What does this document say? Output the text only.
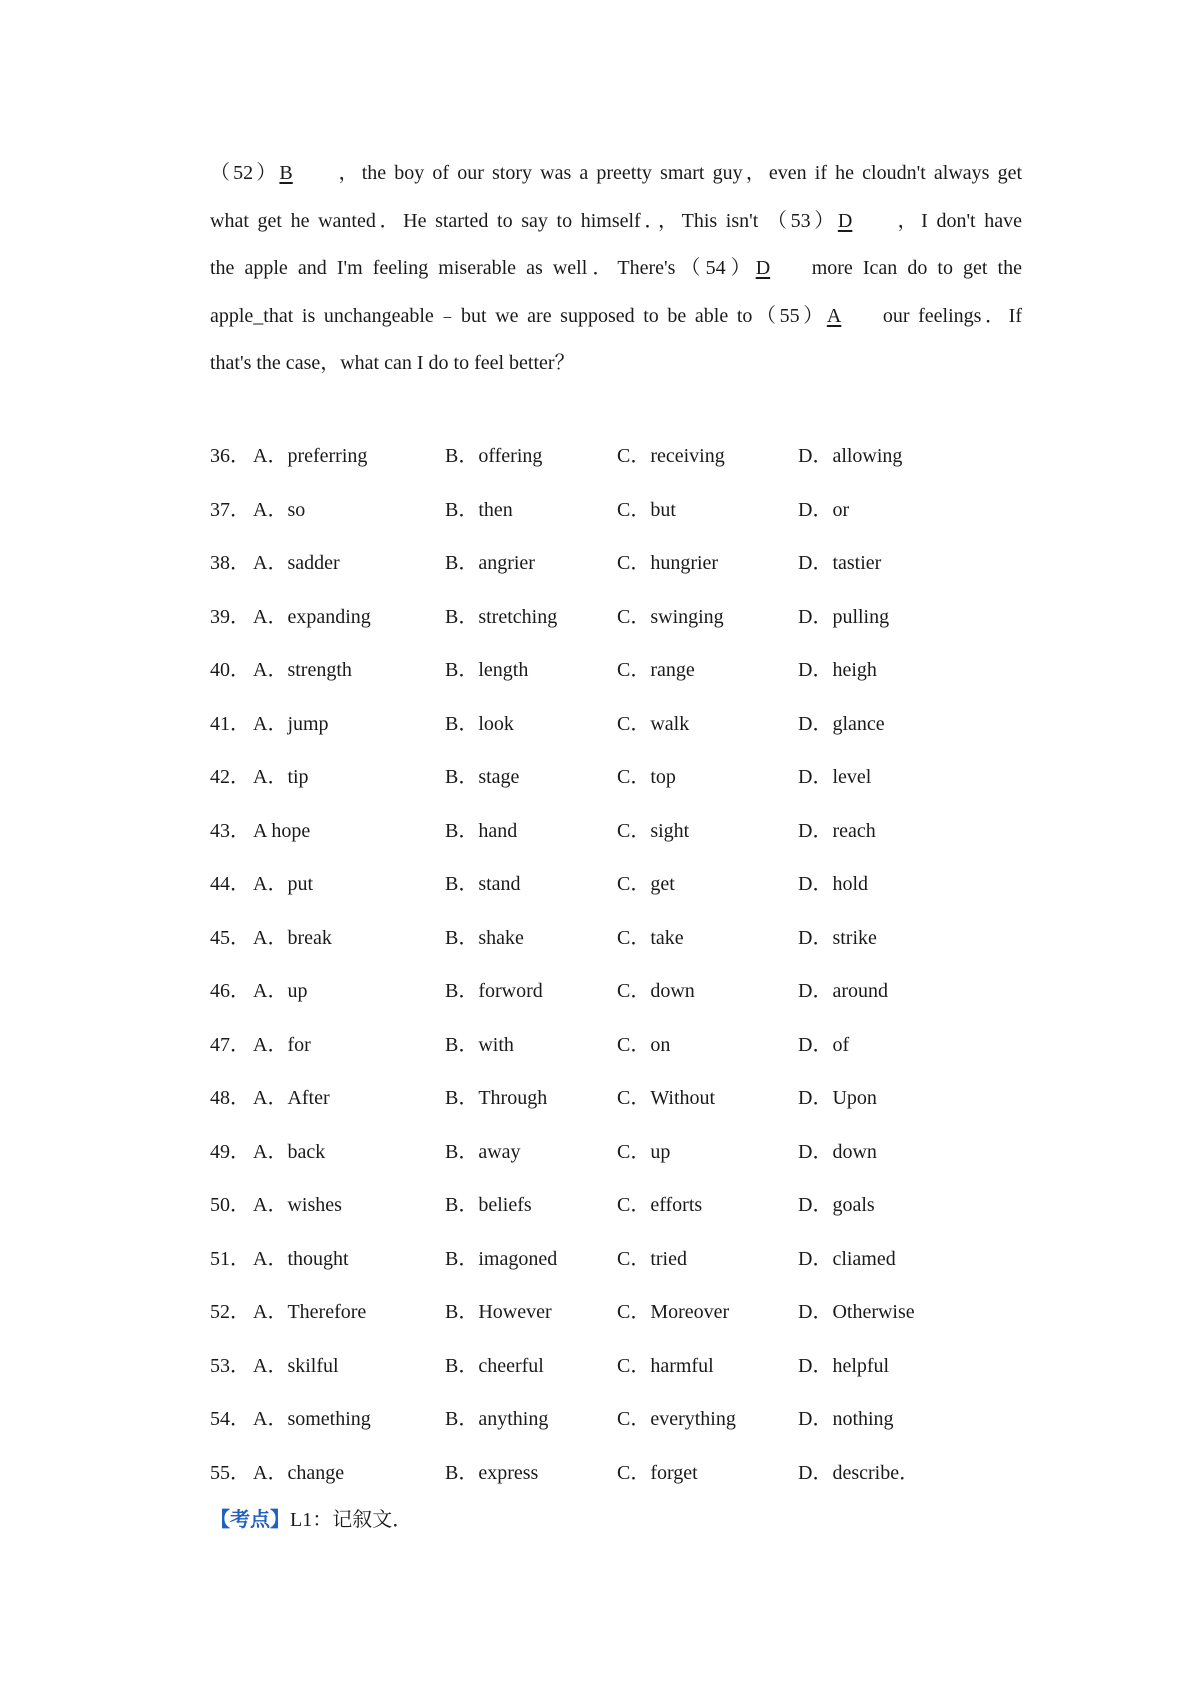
（52）B ，the boy of our story was a preetty smart guy，even if he cloudn't always get
what get he wanted．He started to say to himself．，This isn't （53）D ，I don't have
the apple and I'm feeling miserable as well．There's（54）D more Ican do to get the
apple_that is unchangeable﹣but we are supposed to be able to（55）A our feelings．If
that's the case，what can I do to feel better？
36． A．preferring	B．offering	C．receiving	D．allowing
37． A．so	B．then	C．but	D．or
38． A．sadder	B．angrier	C．hungrier	D．tastier
39． A．expanding	B．stretching	C．swinging	D．pulling
40． A．strength	B．length	C．range	D．heigh
41． A．jump	B．look	C．walk	D．glance
42． A．tip	B．stage	C．top	D．level
43． A hope	B．hand	C．sight	D．reach
44． A．put	B．stand	C．get	D．hold
45． A．break	B．shake	C．take	D．strike
46． A．up	B．forword	C．down	D．around
47． A．for	B．with	C．on	D．of
48． A．After	B．Through	C．Without	D．Upon
49． A．back	B．away	C．up	D．down
50． A．wishes	B．beliefs	C．efforts	D．goals
51． A．thought	B．imagoned	C．tried	D．cliamed
52． A．Therefore	B．However	C．Moreover	D．Otherwise
53． A．skilful	B．cheerful	C．harmful	D．helpful
54． A．something	B．anything	C．everything	D．nothing
55． A．change	B．express	C．forget	D．describe．
【考点】L1：记叙文．
